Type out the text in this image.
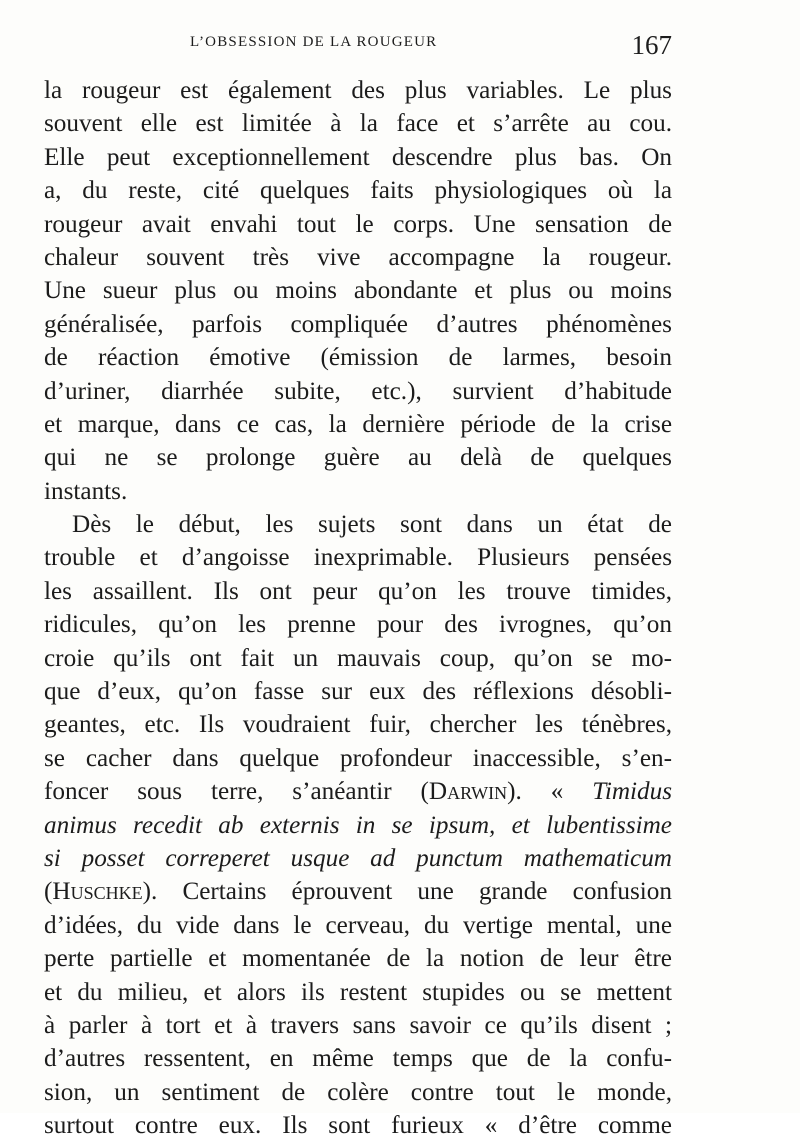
L’OBSESSION DE LA ROUGEUR	167
la rougeur est également des plus variables. Le plus
souvent elle est limitée à la face et s’arrête au cou.
Elle peut exceptionnellement descendre plus bas. On
a, du reste, cité quelques faits physiologiques où la
rougeur avait envahi tout le corps. Une sensation de
chaleur souvent très vive accompagne la rougeur.
Une sueur plus ou moins abondante et plus ou moins
généralisée, parfois compliquée d’autres phénomènes
de réaction émotive (émission de larmes, besoin
d’uriner, diarrhée subite, etc.), survient d’habitude
et marque, dans ce cas, la dernière période de la crise
qui ne se prolonge guère au delà de quelques
instants.
Dès le début, les sujets sont dans un état de
trouble et d’angoisse inexprimable. Plusieurs pensées
les assaillent. Ils ont peur qu’on les trouve timides,
ridicules, qu’on les prenne pour des ivrognes, qu’on
croie qu’ils ont fait un mauvais coup, qu’on se mo-
que d’eux, qu’on fasse sur eux des réflexions désobli-
geantes, etc. Ils voudraient fuir, chercher les ténèbres,
se cacher dans quelque profondeur inaccessible, s’en-
foncer sous terre, s’anéantir (Darwin). « Timidus
animus recedit ab externis in se ipsum, et lubentissime
si posset correperet usque ad punctum mathematicum
(Huschke). Certains éprouvent une grande confusion
d’idées, du vide dans le cerveau, du vertige mental, une
perte partielle et momentanée de la notion de leur être
et du milieu, et alors ils restent stupides ou se mettent
à parler à tort et à travers sans savoir ce qu’ils disent ;
d’autres ressentent, en même temps que de la confu-
sion, un sentiment de colère contre tout le monde,
surtout contre eux. Ils sont furieux « d’être comme
